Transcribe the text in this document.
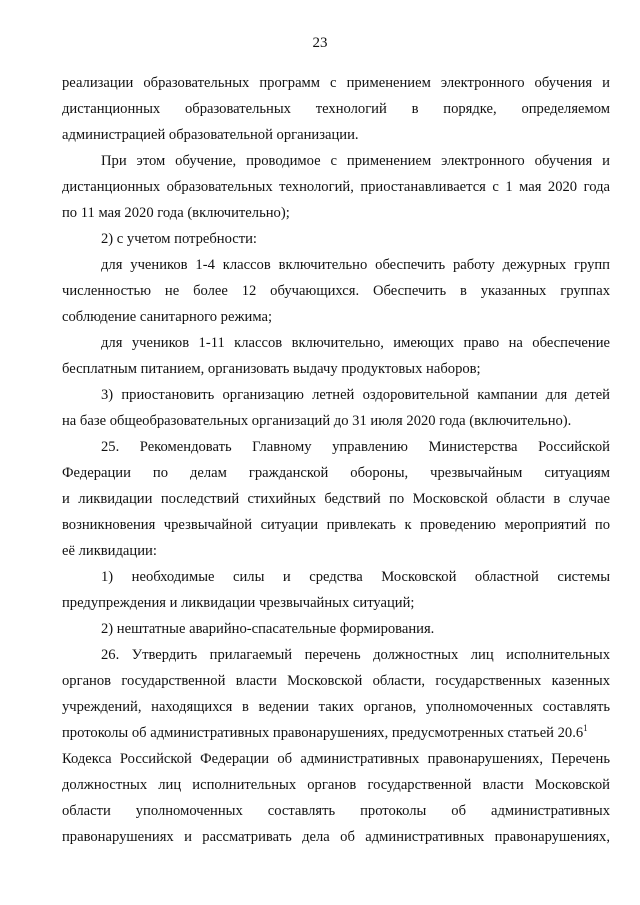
23
реализации образовательных программ с применением электронного обучения и
дистанционных образовательных технологий в порядке, определяемом
администрацией образовательной организации.
При этом обучение, проводимое с применением электронного обучения и
дистанционных образовательных технологий, приостанавливается с 1 мая 2020 года
по 11 мая 2020 года (включительно);
2) с учетом потребности:
для учеников 1-4 классов включительно обеспечить работу дежурных групп
численностью не более 12 обучающихся. Обеспечить в указанных группах
соблюдение санитарного режима;
для учеников 1-11 классов включительно, имеющих право на обеспечение
бесплатным питанием, организовать выдачу продуктовых наборов;
3) приостановить организацию летней оздоровительной кампании для детей
на базе общеобразовательных организаций до 31 июля 2020 года (включительно).
25. Рекомендовать Главному управлению Министерства Российской
Федерации по делам гражданской обороны, чрезвычайным ситуациям
и ликвидации последствий стихийных бедствий по Московской области в случае
возникновения чрезвычайной ситуации привлекать к проведению мероприятий по
её ликвидации:
1) необходимые силы и средства Московской областной системы
предупреждения и ликвидации чрезвычайных ситуаций;
2) нештатные аварийно-спасательные формирования.
26. Утвердить прилагаемый перечень должностных лиц исполнительных
органов государственной власти Московской области, государственных казенных
учреждений, находящихся в ведении таких органов, уполномоченных составлять
протоколы об административных правонарушениях, предусмотренных статьей 20.6$^1$
Кодекса Российской Федерации об административных правонарушениях, Перечень
должностных лиц исполнительных органов государственной власти Московской
области уполномоченных составлять протоколы об административных
правонарушениях и рассматривать дела об административных правонарушениях,
